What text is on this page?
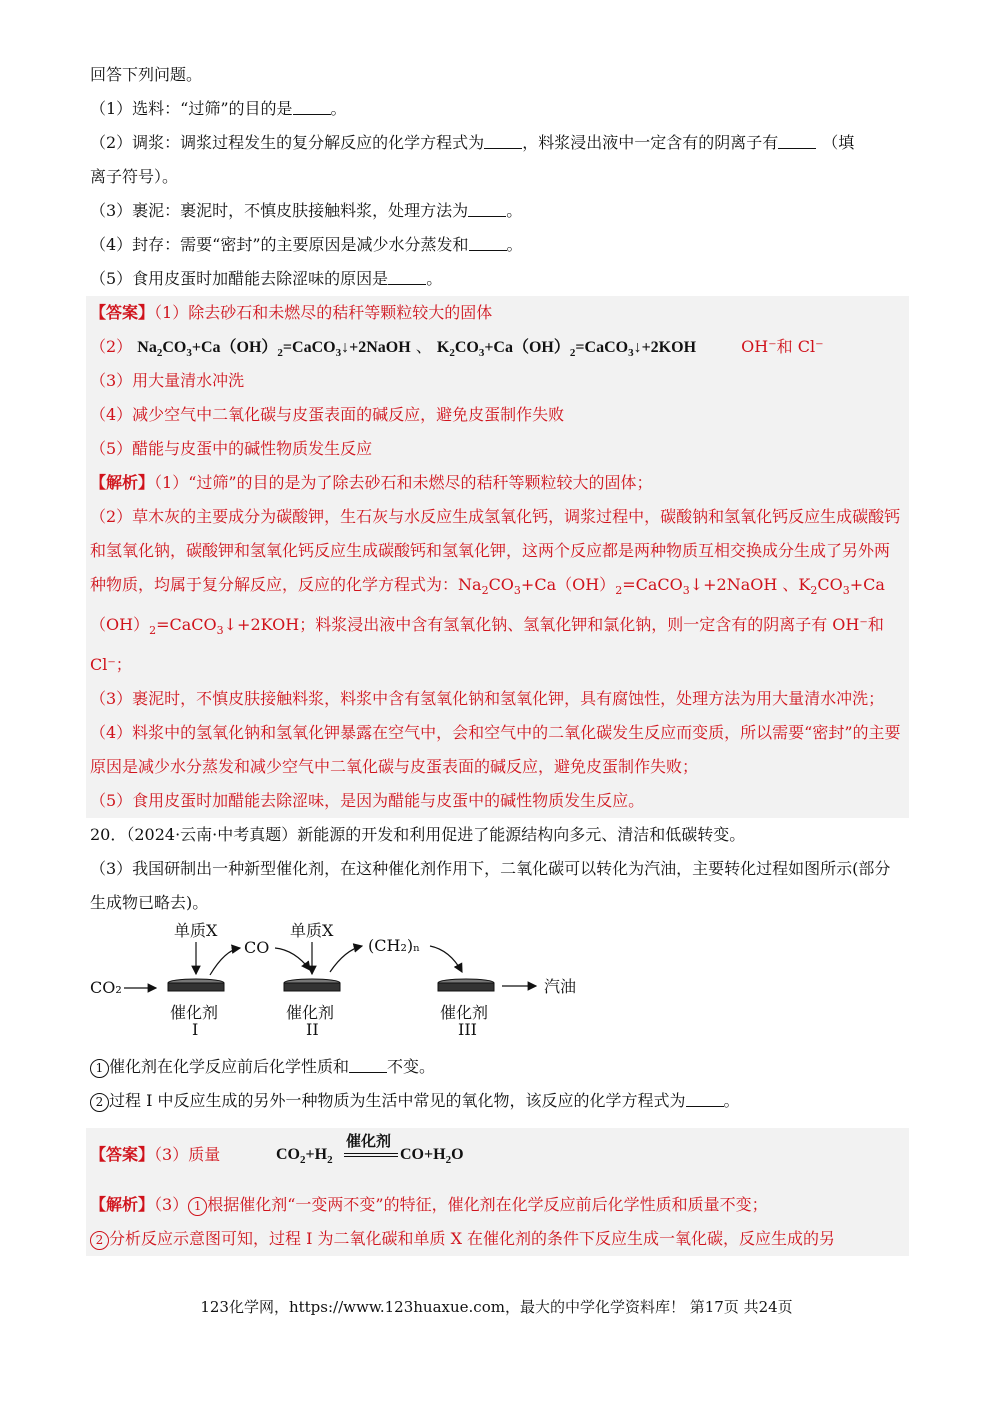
回答下列问题。
（1）选料：“过筛”的目的是 。
（2）调浆：调浆过程发生的复分解反应的化学方程式为 ，料浆浸出液中一定含有的阴离子有	（填
离子符号）。
（3）裹泥：裹泥时，不慎皮肤接触料浆，处理方法为 。
（4）封存：需要“密封”的主要原因是减少水分蒸发和 。
（5）食用皮蛋时加醋能去除涩味的原因是 。
【答案】（1）除去砂石和未燃尽的秸秆等颗粒较大的固体
（2） $Na_2CO_3+Ca(OH)_2=CaCO_3↓+2NaOH$ 、 $K_2CO_3+Ca(OH)_2=CaCO_3↓+2KOH$	OH⁻和 Cl⁻
（3）用大量清水冲洗
（4）减少空气中二氧化碳与皮蛋表面的碱反应，避免皮蛋制作失败
（5）醋能与皮蛋中的碱性物质发生反应
【解析】（1）“过筛”的目的是为了除去砂石和未燃尽的秸秆等颗粒较大的固体；
（2）草木灰的主要成分为碳酸钾，生石灰与水反应生成氢氧化钙，调浆过程中，碳酸钠和氢氧化钙反应生成碳酸钙和氢氧化钠，碳酸钾和氢氧化钙反应生成碳酸钙和氢氧化钾，这两个反应都是两种物质互相交换成分生成了另外两种物质，均属于复分解反应，反应的化学方程式为：$Na_2CO_3+Ca(OH)_2=CaCO_3↓+2NaOH$ 、$K_2CO_3+Ca(OH)_2=CaCO_3↓+2KOH$；料浆浸出液中含有氢氧化钠、氢氧化钾和氯化钠，则一定含有的阴离子有 OH⁻和 Cl⁻；
（3）裹泥时，不慎皮肤接触料浆，料浆中含有氢氧化钠和氢氧化钾，具有腐蚀性，处理方法为用大量清水冲洗；
（4）料浆中的氢氧化钠和氢氧化钾暴露在空气中，会和空气中的二氧化碳发生反应而变质，所以需要“密封”的主要原因是减少水分蒸发和减少空气中二氧化碳与皮蛋表面的碱反应，避免皮蛋制作失败；
（5）食用皮蛋时加醋能去除涩味，是因为醋能与皮蛋中的碱性物质发生反应。
20．（2024·云南·中考真题）新能源的开发和利用促进了能源结构向多元、清洁和低碳转变。
（3）我国研制出一种新型催化剂，在这种催化剂作用下，二氧化碳可以转化为汽油，主要转化过程如图所示(部分生成物已略去)。
单质X	单质X
CO	(CH₂)ₙ
CO₂	汽油
催化剂	催化剂	催化剂
I	II	III
1 催化剂在化学反应前后化学性质和 不变。
2 过程 I 中反应生成的另外一种物质为生活中常见的氧化物，该反应的化学方程式为 。
【答案】（3）质量	$CO_2+H_2$
催化剂
$CO+H_2O$
【解析】（3） 1 根据催化剂“一变两不变”的特征，催化剂在化学反应前后化学性质和质量不变；
2 分析反应示意图可知，过程 I 为二氧化碳和单质 X 在催化剂的条件下反应生成一氧化碳，反应生成的另
123化学网，https://www.123huaxue.com，最大的中学化学资料库！ 第17页 共24页
